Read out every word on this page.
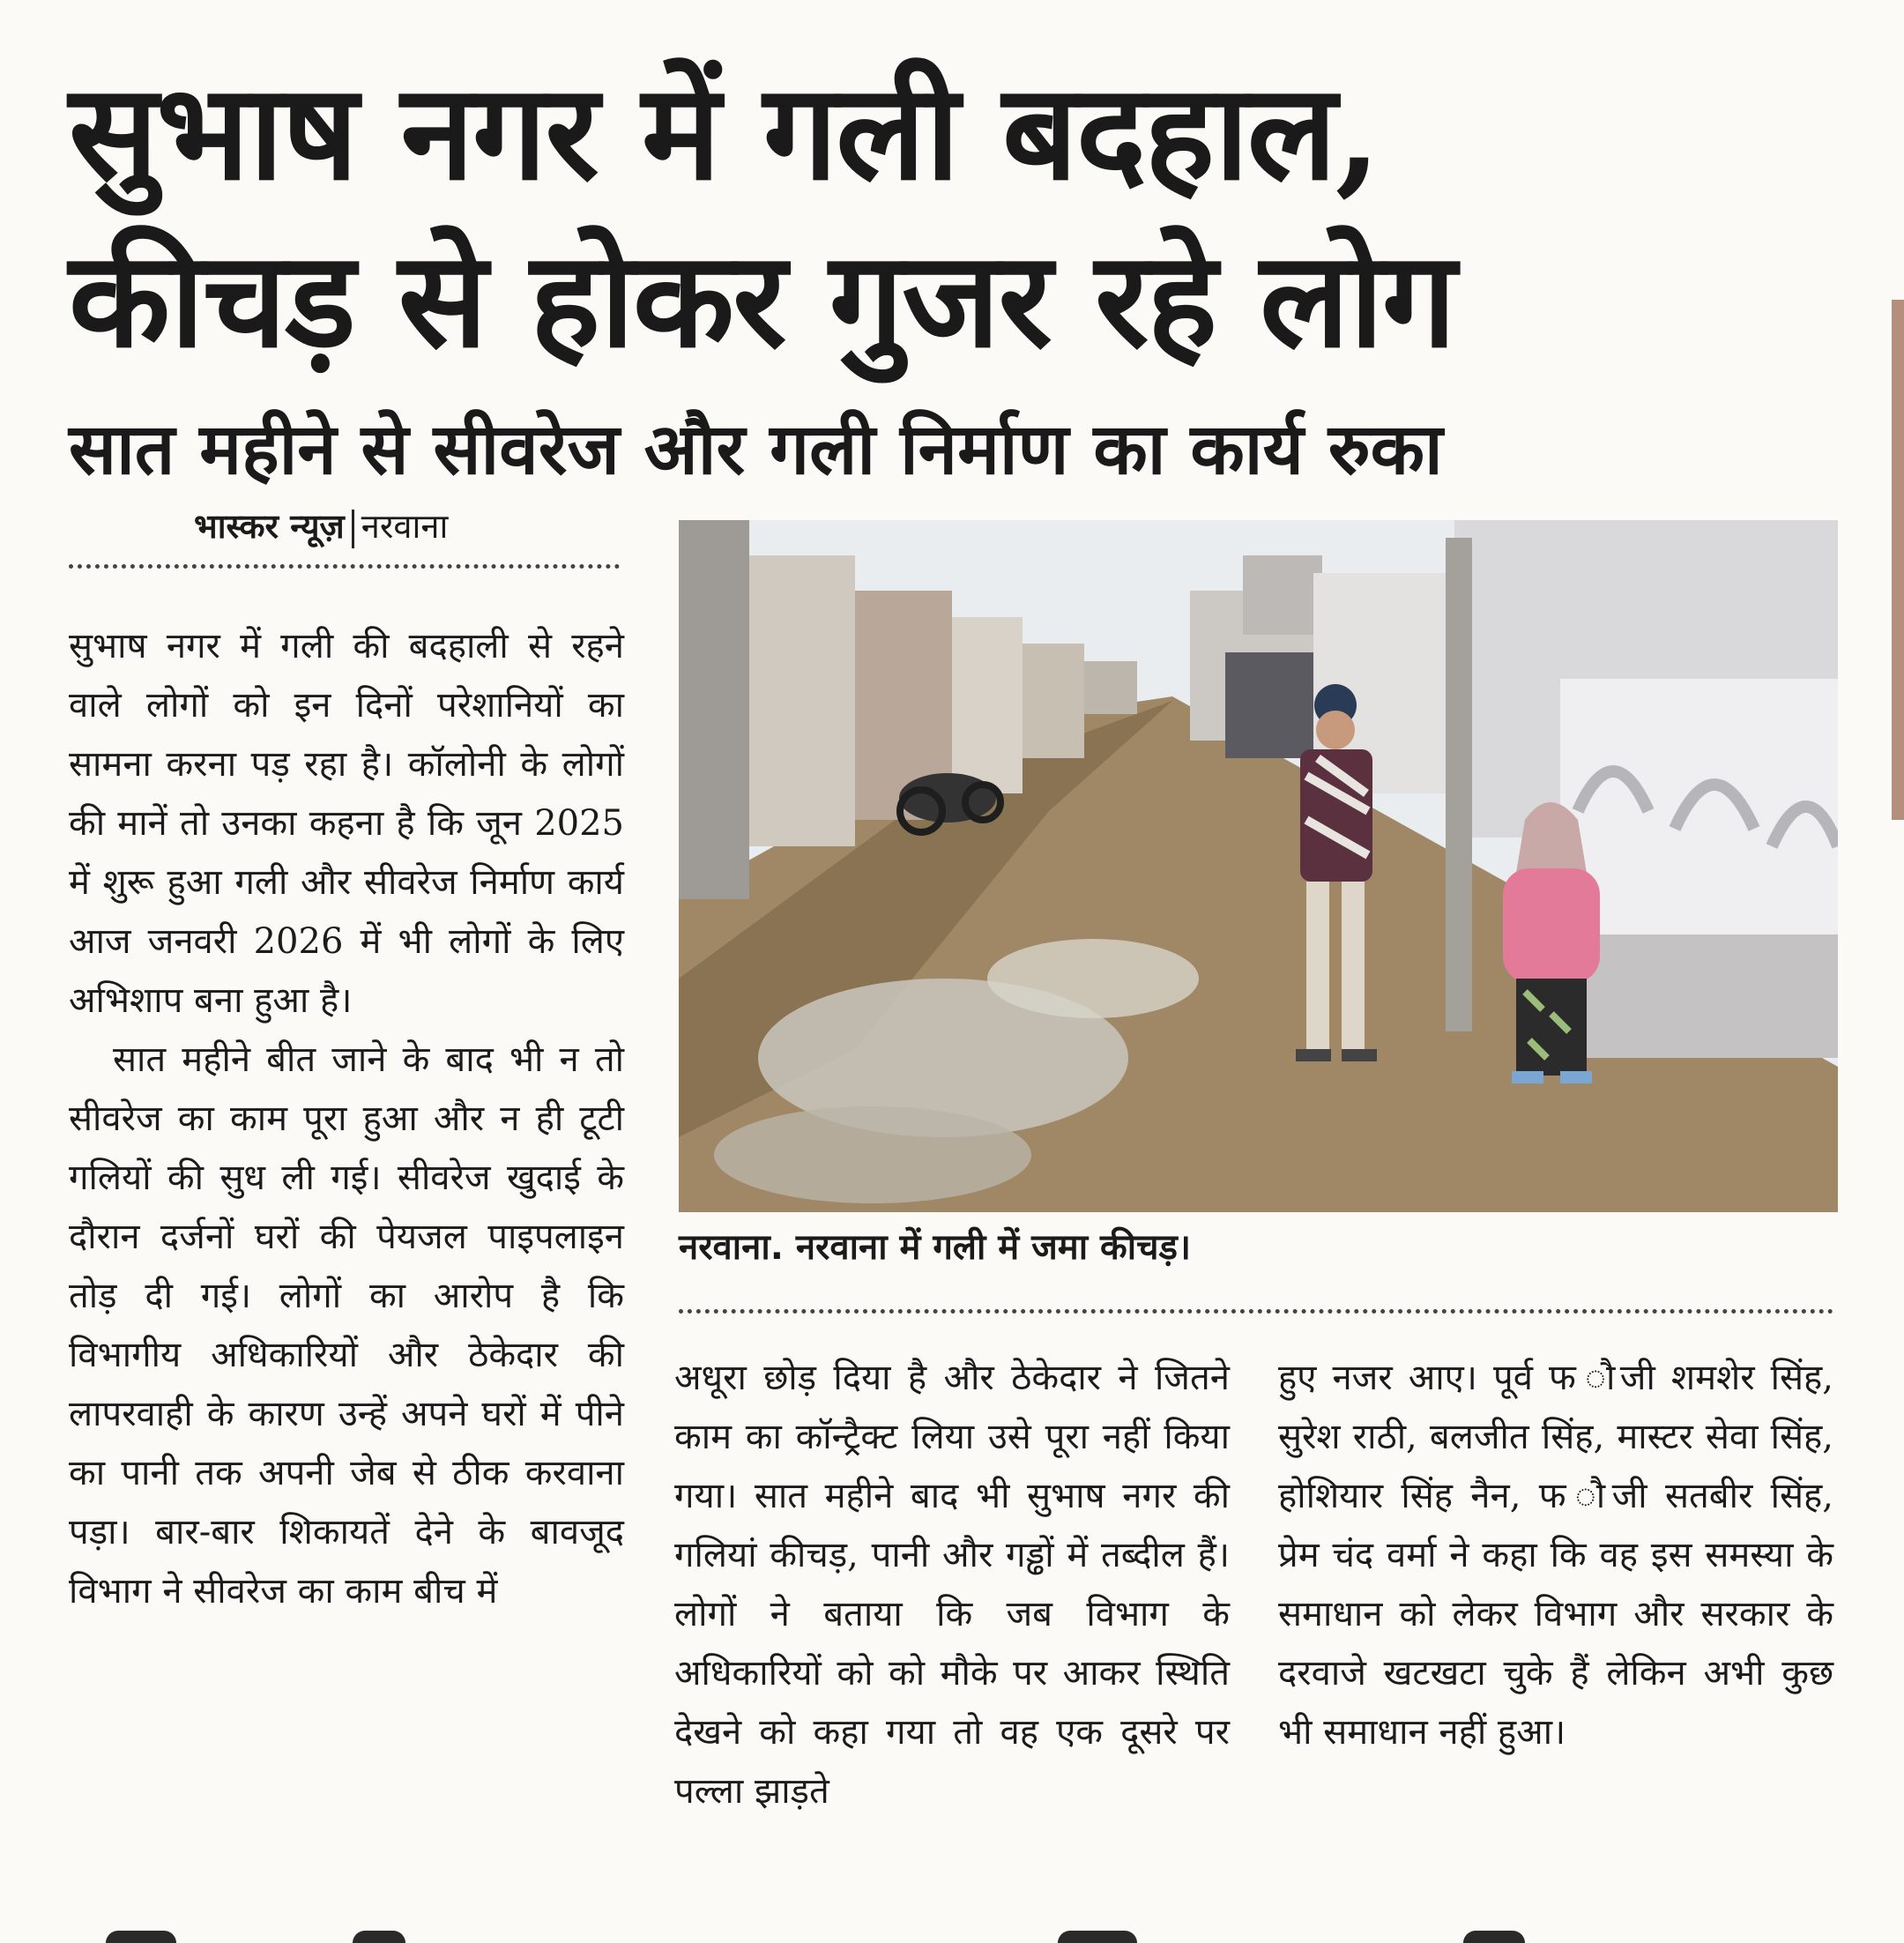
सुभाष नगर में गली बदहाल,
कीचड़ से होकर गुजर रहे लोग
सात महीने से सीवरेज और गली निर्माण का कार्य रुका
भास्कर न्यूज़ नरवाना

सुभाष नगर में गली की बदहाली से रहने वाले लोगों को इन दिनों परेशानियों का सामना करना पड़ रहा है। कॉलोनी के लोगों की मानें तो उनका कहना है कि जून 2025 में शुरू हुआ गली और सीवरेज निर्माण कार्य आज जनवरी 2026 में भी लोगों के लिए अभिशाप बना हुआ है।

सात महीने बीत जाने के बाद भी न तो सीवरेज का काम पूरा हुआ और न ही टूटी गलियों की सुध ली गई। सीवरेज खुदाई के दौरान दर्जनों घरों की पेयजल पाइपलाइन तोड़ दी गई। लोगों का आरोप है कि विभागीय अधिकारियों और ठेकेदार की लापरवाही के कारण उन्हें अपने घरों में पीने का पानी तक अपनी जेब से ठीक करवाना पड़ा। बार-बार शिकायतें देने के बावजूद विभाग ने सीवरेज का काम बीच में

नरवाना. नरवाना में गली में जमा कीचड़।

अधूरा छोड़ दिया है और ठेकेदार ने जितने काम का कॉन्ट्रैक्ट लिया उसे पूरा नहीं किया गया। सात महीने बाद भी सुभाष नगर की गलियां कीचड़, पानी और गड्ढों में तब्दील हैं। लोगों ने बताया कि जब विभाग के अधिकारियों को को मौके पर आकर स्थिति देखने को कहा गया तो वह एक दूसरे पर पल्ला झाड़ते

हुए नजर आए। पूर्व फ ौजी शमशेर सिंह, सुरेश राठी, बलजीत सिंह, मास्टर सेवा सिंह, होशियार सिंह नैन, फ ौजी सतबीर सिंह, प्रेम चंद वर्मा ने कहा कि वह इस समस्या के समाधान को लेकर विभाग और सरकार के दरवाजे खटखटा चुके हैं लेकिन अभी कुछ भी समाधान नहीं हुआ।
